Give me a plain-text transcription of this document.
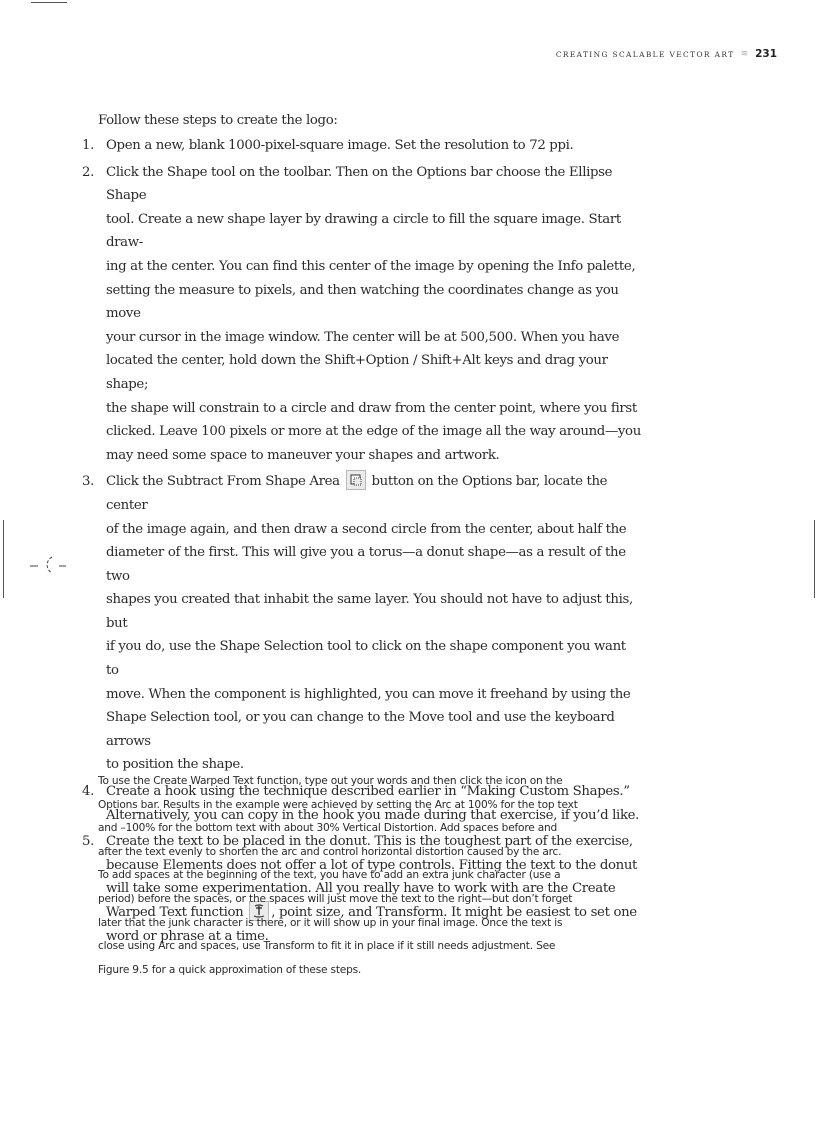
CREATING SCALABLE VECTOR ART ≋ 231

Follow these steps to create the logo:

1. Open a new, blank 1000-pixel-square image. Set the resolution to 72 ppi.
2. Click the Shape tool on the toolbar. Then on the Options bar choose the Ellipse Shape
tool. Create a new shape layer by drawing a circle to fill the square image. Start draw-
ing at the center. You can find this center of the image by opening the Info palette,
setting the measure to pixels, and then watching the coordinates change as you move
your cursor in the image window. The center will be at 500,500. When you have
located the center, hold down the Shift+Option / Shift+Alt keys and drag your shape;
the shape will constrain to a circle and draw from the center point, where you first
clicked. Leave 100 pixels or more at the edge of the image all the way around—you
may need some space to maneuver your shapes and artwork.
3. Click the Subtract From Shape Area button on the Options bar, locate the center
of the image again, and then draw a second circle from the center, about half the
diameter of the first. This will give you a torus—a donut shape—as a result of the two
shapes you created that inhabit the same layer. You should not have to adjust this, but
if you do, use the Shape Selection tool to click on the shape component you want to
move. When the component is highlighted, you can move it freehand by using the
Shape Selection tool, or you can change to the Move tool and use the keyboard arrows
to position the shape.
4. Create a hook using the technique described earlier in “Making Custom Shapes.”
Alternatively, you can copy in the hook you made during that exercise, if you’d like.
5. Create the text to be placed in the donut. This is the toughest part of the exercise,
because Elements does not offer a lot of type controls. Fitting the text to the donut
will take some experimentation. All you really have to work with are the Create
Warped Text function , point size, and Transform. It might be easiest to set one
word or phrase at a time.

To use the Create Warped Text function, type out your words and then click the icon on the
Options bar. Results in the example were achieved by setting the Arc at 100% for the top text
and –100% for the bottom text with about 30% Vertical Distortion. Add spaces before and
after the text evenly to shorten the arc and control horizontal distortion caused by the arc.
To add spaces at the beginning of the text, you have to add an extra junk character (use a
period) before the spaces, or the spaces will just move the text to the right—but don’t forget
later that the junk character is there, or it will show up in your final image. Once the text is
close using Arc and spaces, use Transform to fit it in place if it still needs adjustment. See
Figure 9.5 for a quick approximation of these steps.
